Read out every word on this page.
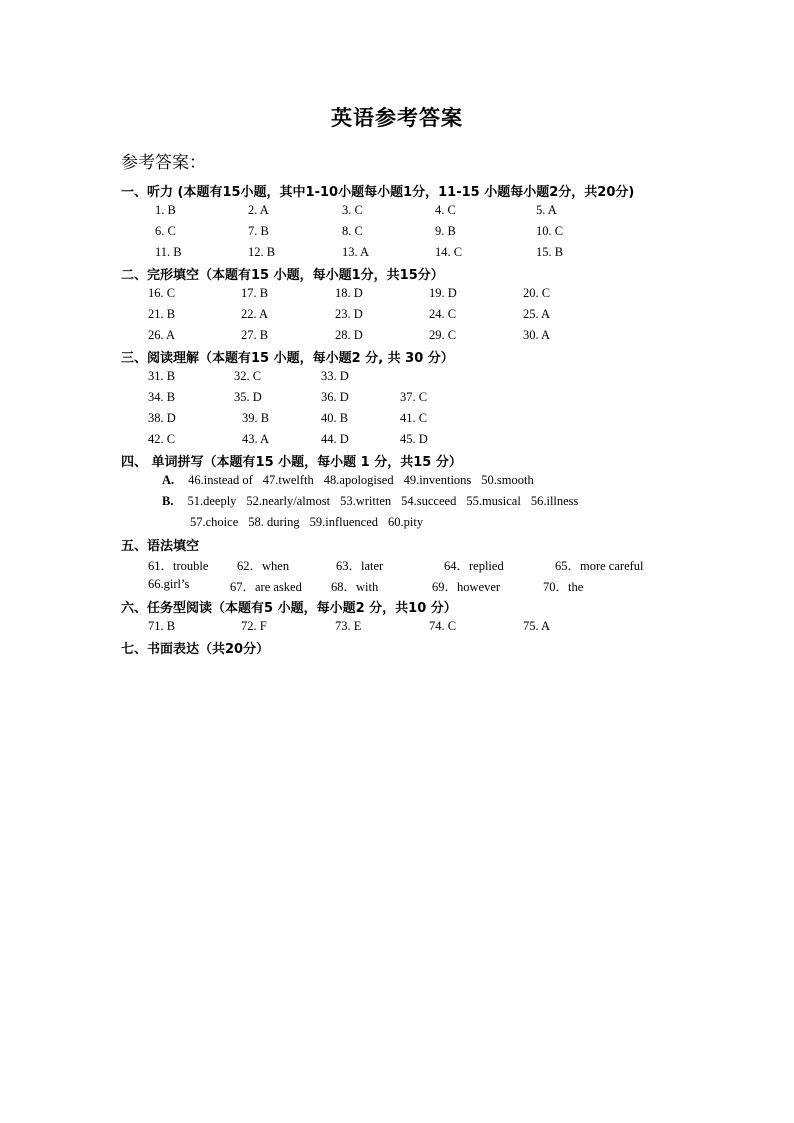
英语参考答案
参考答案：
一、听力 (本题有15小题，其中1-10小题每小题1分，11-15 小题每小题2分，共20分)
1. B	2. A	3. C	4. C	5. A
6. C	7. B	8. C	9. B	10. C
11. B	12. B	13. A	14. C	15. B
二、完形填空（本题有15 小题，每小题1分，共15分）
16. C	17. B	18. D	19. D	20. C
21. B	22. A	23. D	24. C	25. A
26. A	27. B	28. D	29. C	30. A
三、阅读理解（本题有15 小题，每小题2 分, 共 30 分）
31. B	32. C	33. D
34. B	35. D	36. D	37. C
38. D	39. B	40. B	41. C
42. C	43. A	44. D	45. D
四、 单词拼写（本题有15 小题，每小题 1 分，共15 分）
A. 46.instead of 47.twelfth 48.apologised 49.inventions 50.smooth
B. 51.deeply 52.nearly/almost 53.written 54.succeed 55.musical 56.illness
57.choice 58. during 59.influenced 60.pity
五、语法填空
61．trouble 62．when	63．later	64．replied	65．more careful
66.girl’s	67．are asked 68．with	69．however	70．the
六、任务型阅读（本题有5 小题，每小题2 分，共10 分）
71. B	72. F	73. E	74. C	75. A
七、书面表达（共20分）
